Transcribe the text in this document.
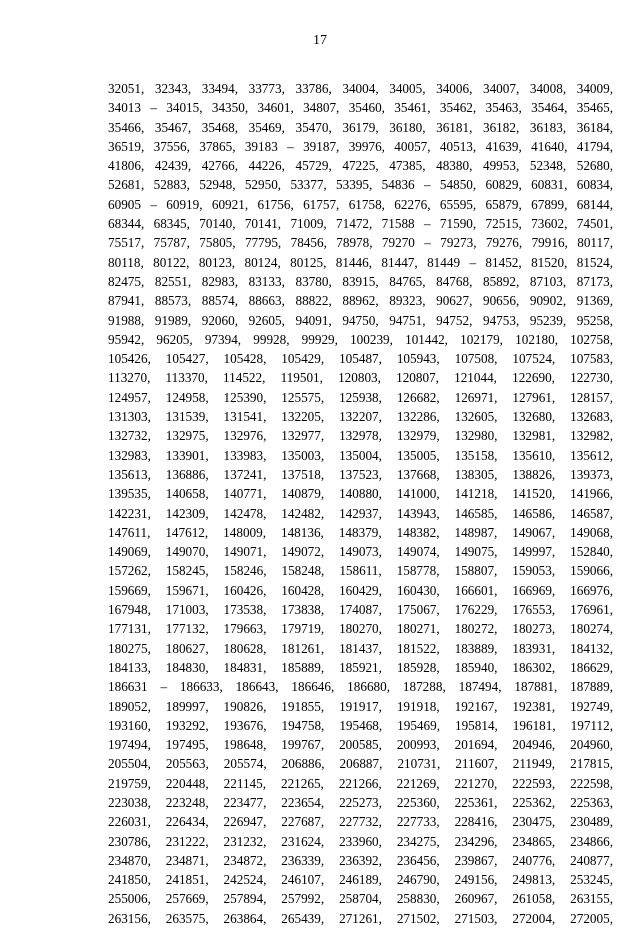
17
32051, 32343, 33494, 33773, 33786, 34004, 34005, 34006, 34007, 34008, 34009,
34013 – 34015, 34350, 34601, 34807, 35460, 35461, 35462, 35463, 35464, 35465,
35466, 35467, 35468, 35469, 35470, 36179, 36180, 36181, 36182, 36183, 36184,
36519, 37556, 37865, 39183 – 39187, 39976, 40057, 40513, 41639, 41640, 41794,
41806, 42439, 42766, 44226, 45729, 47225, 47385, 48380, 49953, 52348, 52680,
52681, 52883, 52948, 52950, 53377, 53395, 54836 – 54850, 60829, 60831, 60834,
60905 – 60919, 60921, 61756, 61757, 61758, 62276, 65595, 65879, 67899, 68144,
68344, 68345, 70140, 70141, 71009, 71472, 71588 – 71590, 72515, 73602, 74501,
75517, 75787, 75805, 77795, 78456, 78978, 79270 – 79273, 79276, 79916, 80117,
80118, 80122, 80123, 80124, 80125, 81446, 81447, 81449 – 81452, 81520, 81524,
82475, 82551, 82983, 83133, 83780, 83915, 84765, 84768, 85892, 87103, 87173,
87941, 88573, 88574, 88663, 88822, 88962, 89323, 90627, 90656, 90902, 91369,
91988, 91989, 92060, 92605, 94091, 94750, 94751, 94752, 94753, 95239, 95258,
95942, 96205, 97394, 99928, 99929, 100239, 101442, 102179, 102180, 102758,
105426, 105427, 105428, 105429, 105487, 105943, 107508, 107524, 107583,
113270, 113370, 114522, 119501, 120803, 120807, 121044, 122690, 122730,
124957, 124958, 125390, 125575, 125938, 126682, 126971, 127961, 128157,
131303, 131539, 131541, 132205, 132207, 132286, 132605, 132680, 132683,
132732, 132975, 132976, 132977, 132978, 132979, 132980, 132981, 132982,
132983, 133901, 133983, 135003, 135004, 135005, 135158, 135610, 135612,
135613, 136886, 137241, 137518, 137523, 137668, 138305, 138826, 139373,
139535, 140658, 140771, 140879, 140880, 141000, 141218, 141520, 141966,
142231, 142309, 142478, 142482, 142937, 143943, 146585, 146586, 146587,
147611, 147612, 148009, 148136, 148379, 148382, 148987, 149067, 149068,
149069, 149070, 149071, 149072, 149073, 149074, 149075, 149997, 152840,
157262, 158245, 158246, 158248, 158611, 158778, 158807, 159053, 159066,
159669, 159671, 160426, 160428, 160429, 160430, 166601, 166969, 166976,
167948, 171003, 173538, 173838, 174087, 175067, 176229, 176553, 176961,
177131, 177132, 179663, 179719, 180270, 180271, 180272, 180273, 180274,
180275, 180627, 180628, 181261, 181437, 181522, 183889, 183931, 184132,
184133, 184830, 184831, 185889, 185921, 185928, 185940, 186302, 186629,
186631 – 186633, 186643, 186646, 186680, 187288, 187494, 187881, 187889,
189052, 189997, 190826, 191855, 191917, 191918, 192167, 192381, 192749,
193160, 193292, 193676, 194758, 195468, 195469, 195814, 196181, 197112,
197494, 197495, 198648, 199767, 200585, 200993, 201694, 204946, 204960,
205504, 205563, 205574, 206886, 206887, 210731, 211607, 211949, 217815,
219759, 220448, 221145, 221265, 221266, 221269, 221270, 222593, 222598,
223038, 223248, 223477, 223654, 225273, 225360, 225361, 225362, 225363,
226031, 226434, 226947, 227687, 227732, 227733, 228416, 230475, 230489,
230786, 231222, 231232, 231624, 233960, 234275, 234296, 234865, 234866,
234870, 234871, 234872, 236339, 236392, 236456, 239867, 240776, 240877,
241850, 241851, 242524, 246107, 246189, 246790, 249156, 249813, 253245,
255006, 257669, 257894, 257992, 258704, 258830, 260967, 261058, 263155,
263156, 263575, 263864, 265439, 271261, 271502, 271503, 272004, 272005,
